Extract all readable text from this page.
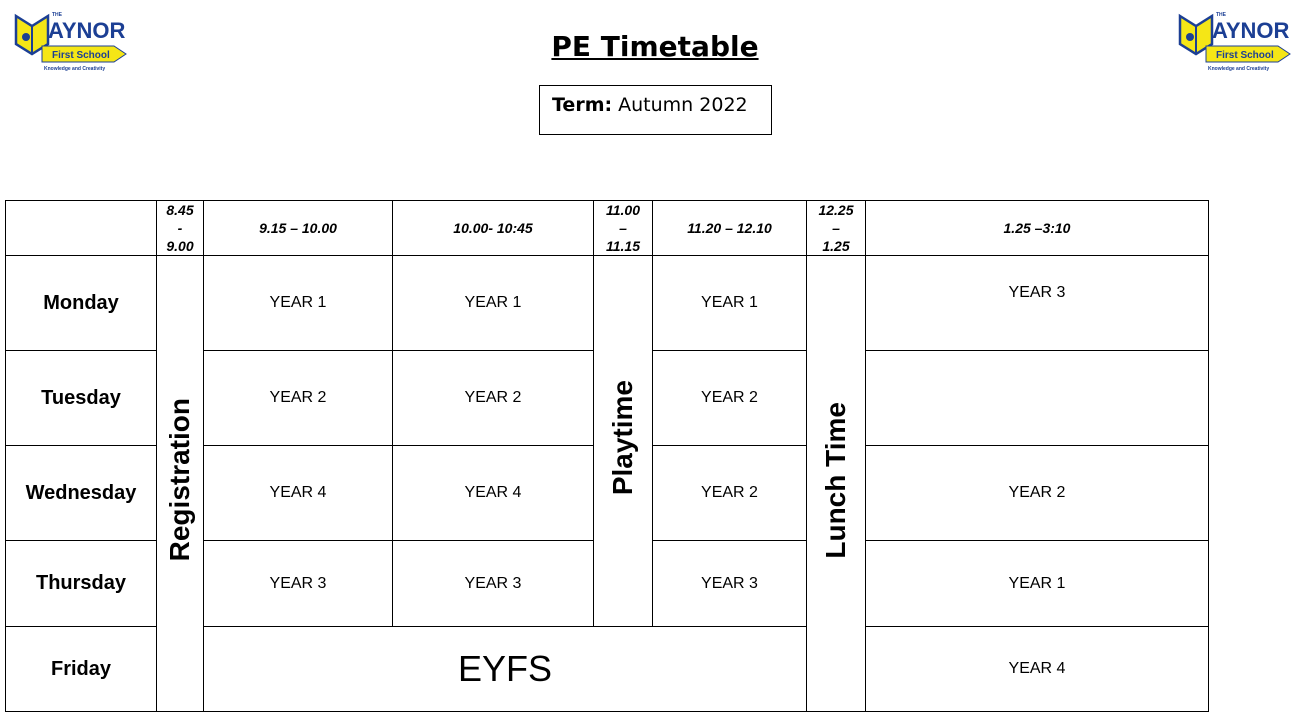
THE
AYNOR
First School
Knowledge and Creativity
THE
AYNOR
First School
Knowledge and Creativity
PE Timetable
Term: Autumn 2022
	8.45
-
9.00	9.15 – 10.00	10.00- 10:45	11.00
–
11.15	11.20 – 12.10	12.25
–
1.25	1.25 –3:10
Monday	Registration	YEAR 1	YEAR 1	Playtime	YEAR 1	Lunch Time	YEAR 3
Tuesday		YEAR 2	YEAR 2		YEAR 2		
Wednesday		YEAR 4	YEAR 4		YEAR 2		YEAR 2
Thursday		YEAR 3	YEAR 3		YEAR 3		YEAR 1
Friday		EYFS					YEAR 4
